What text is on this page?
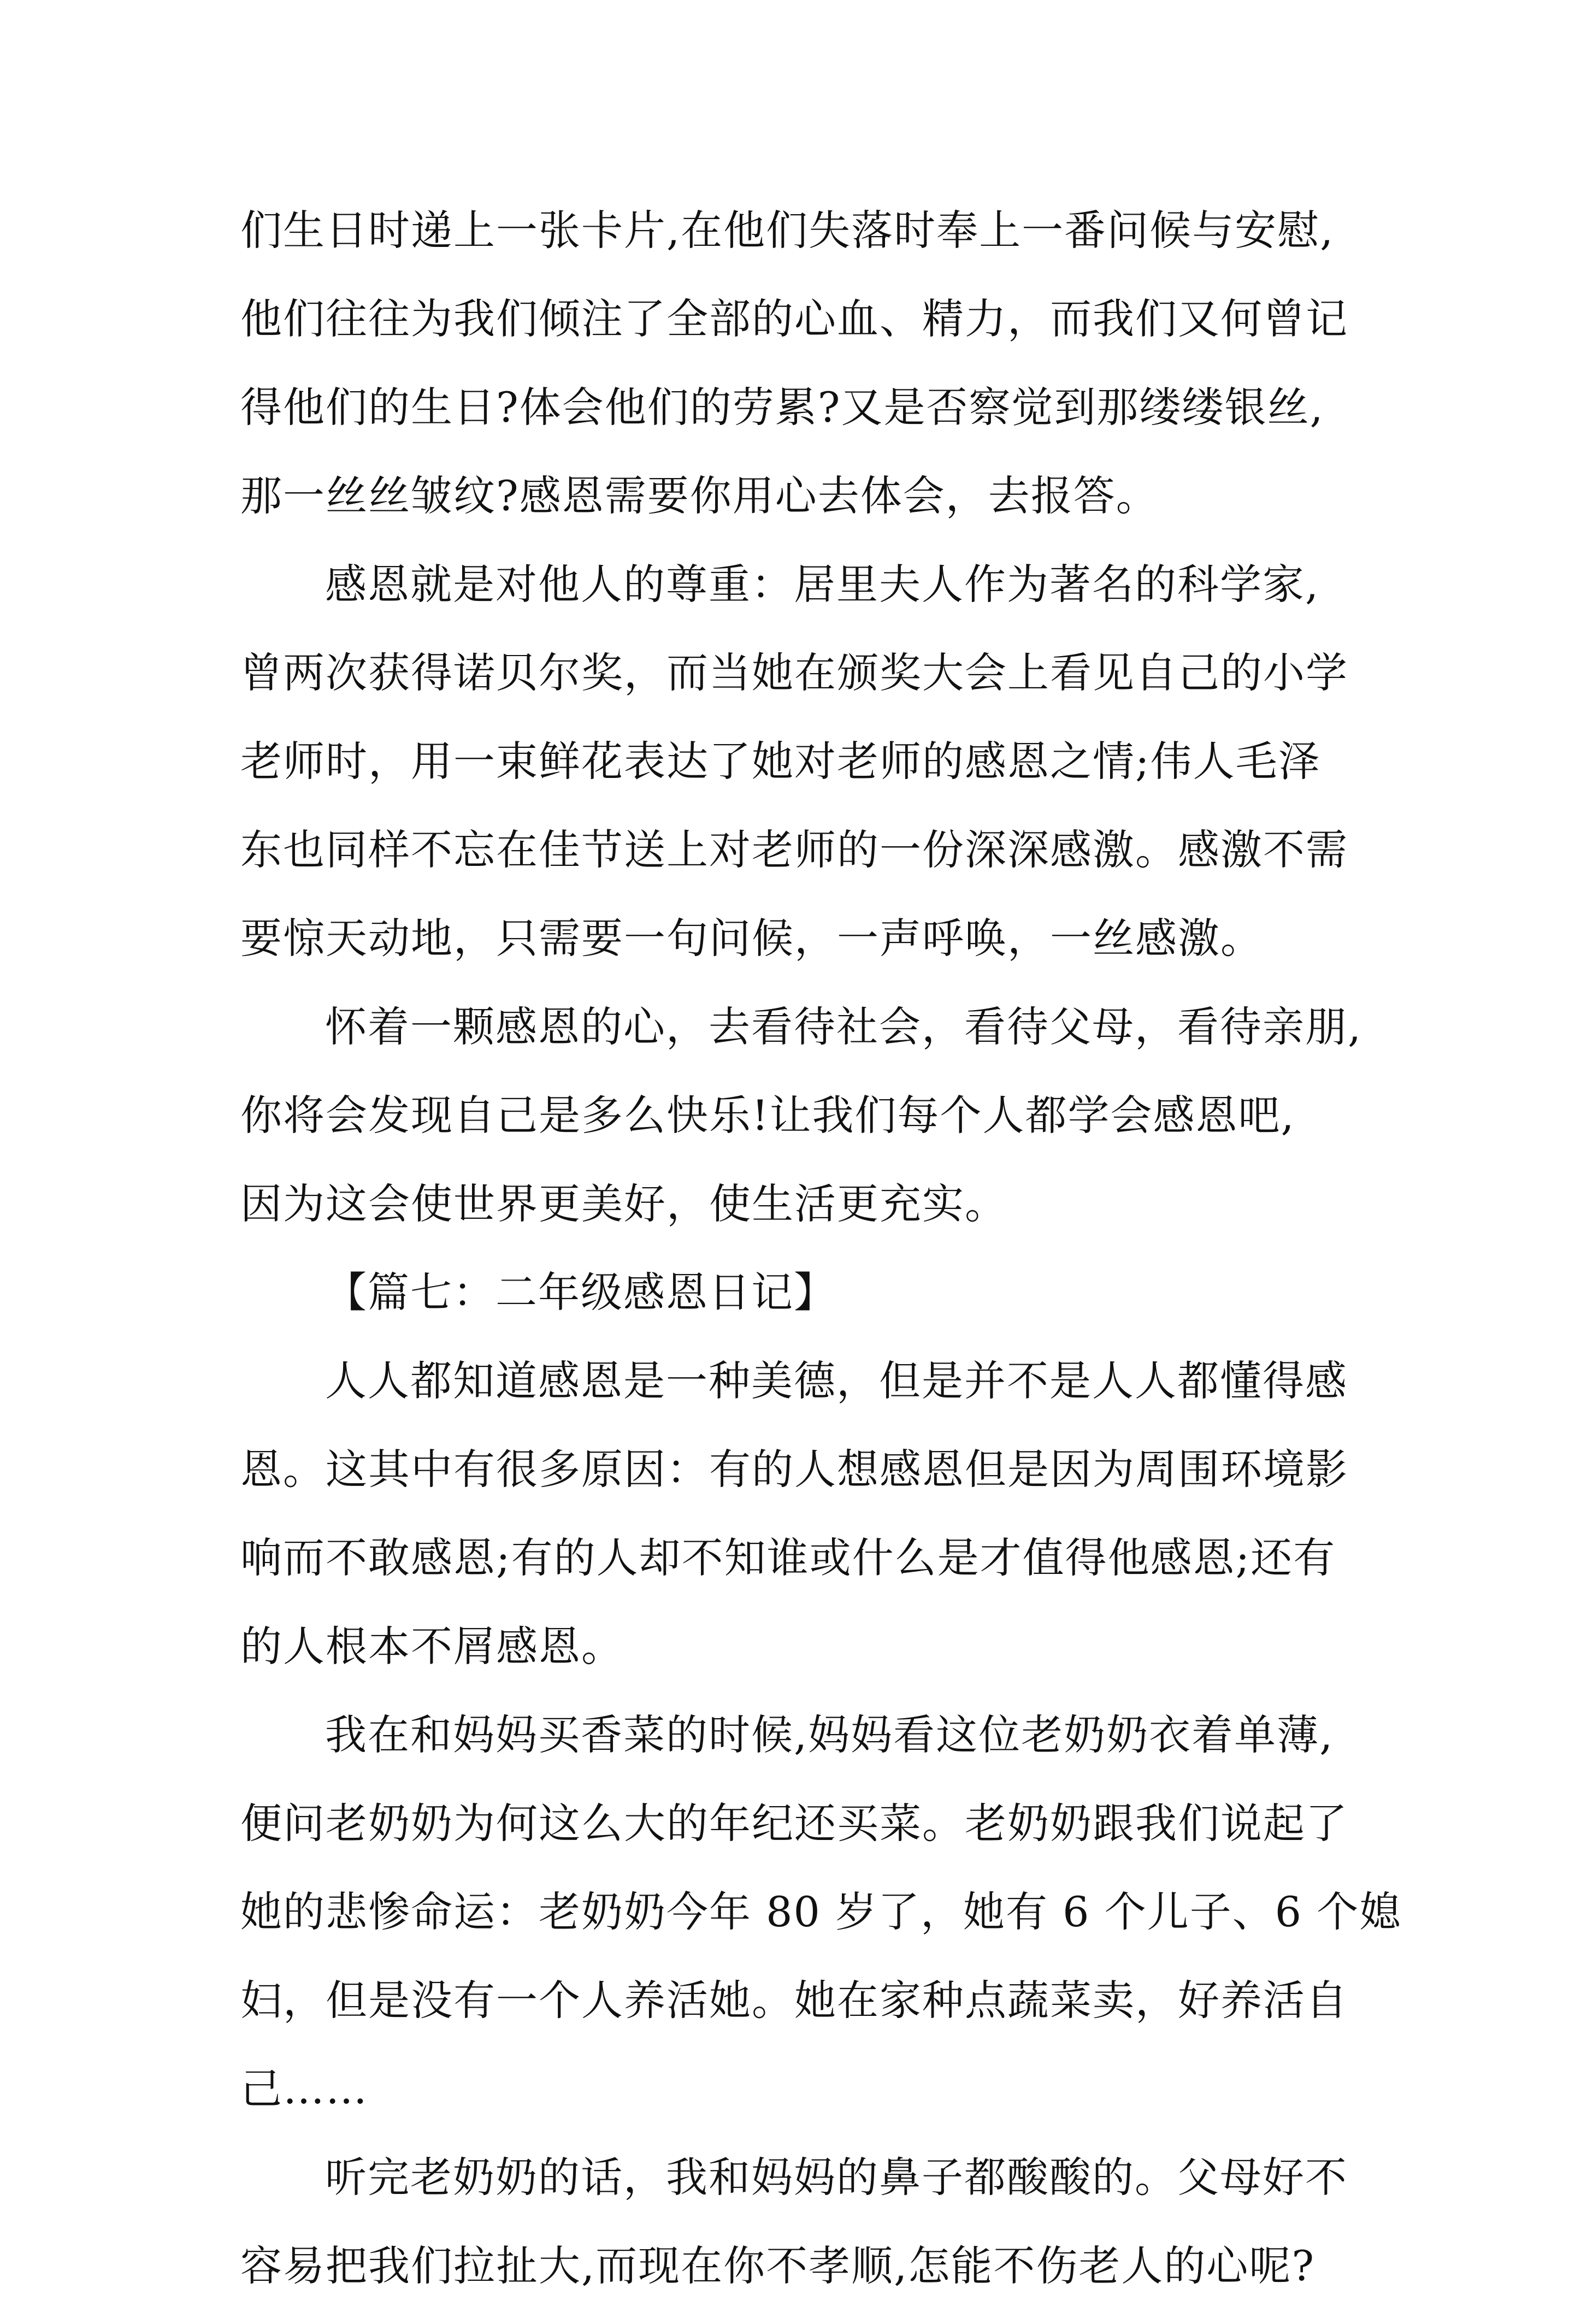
们生日时递上一张卡片,在他们失落时奉上一番问候与安慰,

他们往往为我们倾注了全部的心血、精力，而我们又何曾记

得他们的生日?体会他们的劳累?又是否察觉到那缕缕银丝,

那一丝丝皱纹?感恩需要你用心去体会，去报答。

感恩就是对他人的尊重：居里夫人作为著名的科学家,

曾两次获得诺贝尔奖，而当她在颁奖大会上看见自己的小学

老师时，用一束鲜花表达了她对老师的感恩之情;伟人毛泽

东也同样不忘在佳节送上对老师的一份深深感激。感激不需

要惊天动地，只需要一句问候，一声呼唤，一丝感激。

怀着一颗感恩的心，去看待社会，看待父母，看待亲朋,

你将会发现自己是多么快乐!让我们每个人都学会感恩吧,

因为这会使世界更美好，使生活更充实。

【篇七：二年级感恩日记】

人人都知道感恩是一种美德，但是并不是人人都懂得感

恩。这其中有很多原因：有的人想感恩但是因为周围环境影

响而不敢感恩;有的人却不知谁或什么是才值得他感恩;还有

的人根本不屑感恩。

我在和妈妈买香菜的时候,妈妈看这位老奶奶衣着单薄,

便问老奶奶为何这么大的年纪还买菜。老奶奶跟我们说起了

她的悲惨命运：老奶奶今年 80 岁了，她有 6 个儿子、6 个媳

妇，但是没有一个人养活她。她在家种点蔬菜卖，好养活自

己……

听完老奶奶的话，我和妈妈的鼻子都酸酸的。父母好不

容易把我们拉扯大,而现在你不孝顺,怎能不伤老人的心呢?
